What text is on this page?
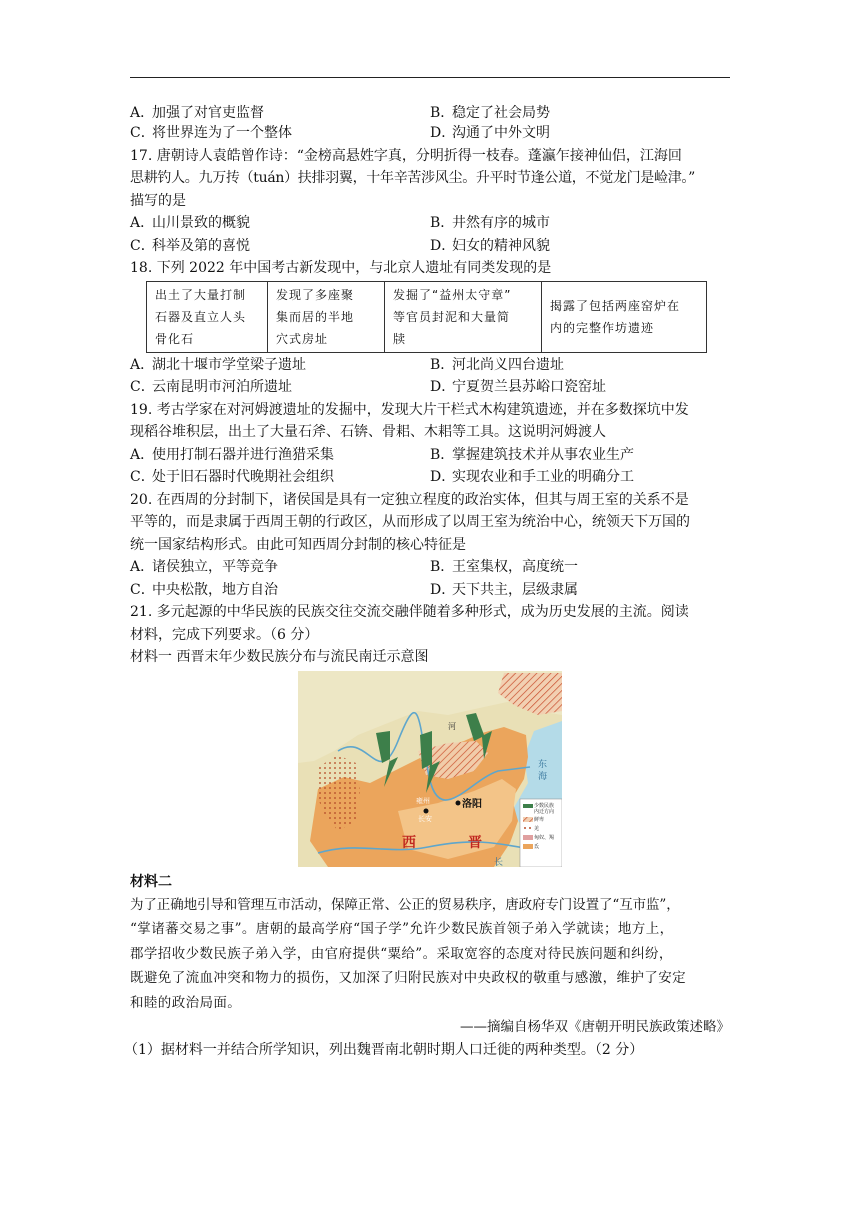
A．加强了对官吏监督	B．稳定了社会局势
C．将世界连为了一个整体	D．沟通了中外文明
17. 唐朝诗人袁皓曾作诗：“金榜高悬姓字真，分明折得一枝春。蓬瀛乍接神仙侣，江海回
思耕钓人。九万抟（tuán）扶排羽翼，十年辛苦涉风尘。升平时节逢公道，不觉龙门是崄津。”
描写的是
A．山川景致的概貌	B．井然有序的城市
C．科举及第的喜悦	D．妇女的精神风貌
18. 下列 2022 年中国考古新发现中，与北京人遗址有同类发现的是
出土了大量打制
石器及直立人头
骨化石

发现了多座聚
集而居的半地
穴式房址

发掘了“益州太守章”
等官员封泥和大量简
牍

揭露了包括两座窑炉在
内的完整作坊遗迹
A．湖北十堰市学堂梁子遗址	B．河北尚义四台遗址
C．云南昆明市河泊所遗址	D．宁夏贺兰县苏峪口瓷窑址
19. 考古学家在对河姆渡遗址的发掘中，发现大片干栏式木构建筑遗迹，并在多数探坑中发
现稻谷堆积层，出土了大量石斧、石锛、骨耜、木耜等工具。这说明河姆渡人
A．使用打制石器并进行渔猎采集	B．掌握建筑技术并从事农业生产
C．处于旧石器时代晚期社会组织	D．实现农业和手工业的明确分工
20. 在西周的分封制下，诸侯国是具有一定独立程度的政治实体，但其与周王室的关系不是
平等的，而是隶属于西周王朝的行政区，从而形成了以周王室为统治中心，统领天下万国的
统一国家结构形式。由此可知西周分封制的核心特征是
A．诸侯独立，平等竞争	B．王室集权，高度统一
C．中央松散，地方自治	D．天下共主，层级隶属
21. 多元起源的中华民族的民族交往交流交融伴随着多种形式，成为历史发展的主流。阅读
材料，完成下列要求。（6 分）
材料一 西晋末年少数民族分布与流民南迁示意图
雍州
长安
洛阳
西	晋
河
东
海
长
少数民族
内迁方向
鲜卑
羌
匈奴、羯
氐
材料二
为了正确地引导和管理互市活动，保障正常、公正的贸易秩序，唐政府专门设置了“互市监”，
“掌诸蕃交易之事”。唐朝的最高学府“国子学”允许少数民族首领子弟入学就读；地方上，
郡学招收少数民族子弟入学，由官府提供“粟给”。采取宽容的态度对待民族问题和纠纷，
既避免了流血冲突和物力的损伤，又加深了归附民族对中央政权的敬重与感激，维护了安定
和睦的政治局面。
——摘编自杨华双《唐朝开明民族政策述略》
（1）据材料一并结合所学知识，列出魏晋南北朝时期人口迁徙的两种类型。（2 分）
